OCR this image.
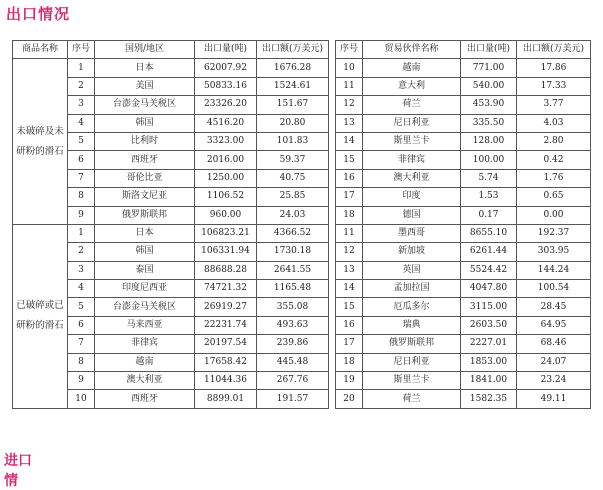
出口情况
商品名称	序号	国别/地区	出口量(吨)	出口额(万美元)		序号	贸易伙伴名称	出口量(吨)	出口额(万美元)

未破碎及未研粉的滑石	1	日本	62007.92	1676.28		10	越南	771.00	17.86
	2	美国	50833.16	1524.61		11	意大利	540.00	17.33
	3	台澎金马关税区	23326.20	151.67		12	荷兰	453.90	3.77
	4	韩国	4516.20	20.80		13	尼日利亚	335.50	4.03
	5	比利时	3323.00	101.83		14	斯里兰卡	128.00	2.80
	6	西班牙	2016.00	59.37		15	菲律宾	100.00	0.42
	7	哥伦比亚	1250.00	40.75		16	澳大利亚	5.74	1.76
	8	斯洛文尼亚	1106.52	25.85		17	印度	1.53	0.65
	9	俄罗斯联邦	960.00	24.03		18	德国	0.17	0.00

已破碎或已研粉的滑石	1	日本	106823.21	4366.52		11	墨西哥	8655.10	192.37
	2	韩国	106331.94	1730.18		12	新加坡	6261.44	303.95
	3	泰国	88688.28	2641.55		13	英国	5524.42	144.24
	4	印度尼西亚	74721.32	1165.48		14	孟加拉国	4047.80	100.54
	5	台澎金马关税区	26919.27	355.08		15	厄瓜多尔	3115.00	28.45
	6	马来西亚	22231.74	493.63		16	瑞典	2603.50	64.95
	7	菲律宾	20197.54	239.86		17	俄罗斯联邦	2227.01	68.46
	8	越南	17658.42	445.48		18	尼日利亚	1853.00	24.07
	9	澳大利亚	11044.36	267.76		19	斯里兰卡	1841.00	23.24
	10	西班牙	8899.01	191.57		20	荷兰	1582.35	49.11
进口情
